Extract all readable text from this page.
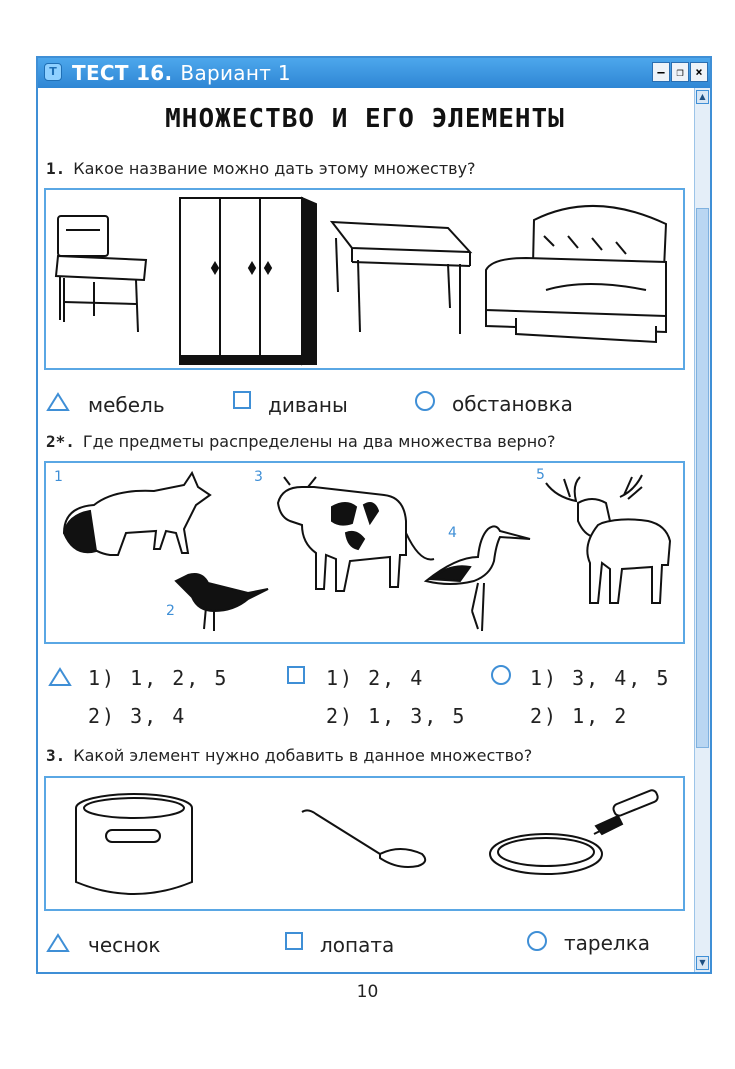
T ТЕСТ 16. Вариант 1	– ❐ ×
▲
▼
МНОЖЕСТВО И ЕГО ЭЛЕМЕНТЫ
1. Какое название можно дать этому множеству?
мебель	диваны	обстановка
2*. Где предметы распределены на два множества верно?
1
2
3
4
5
1) 1, 2, 5
2) 3, 4
1) 2, 4
2) 1, 3, 5
1) 3, 4, 5
2) 1, 2
3. Какой элемент нужно добавить в данное множество?
чеснок	лопата	тарелка
10
